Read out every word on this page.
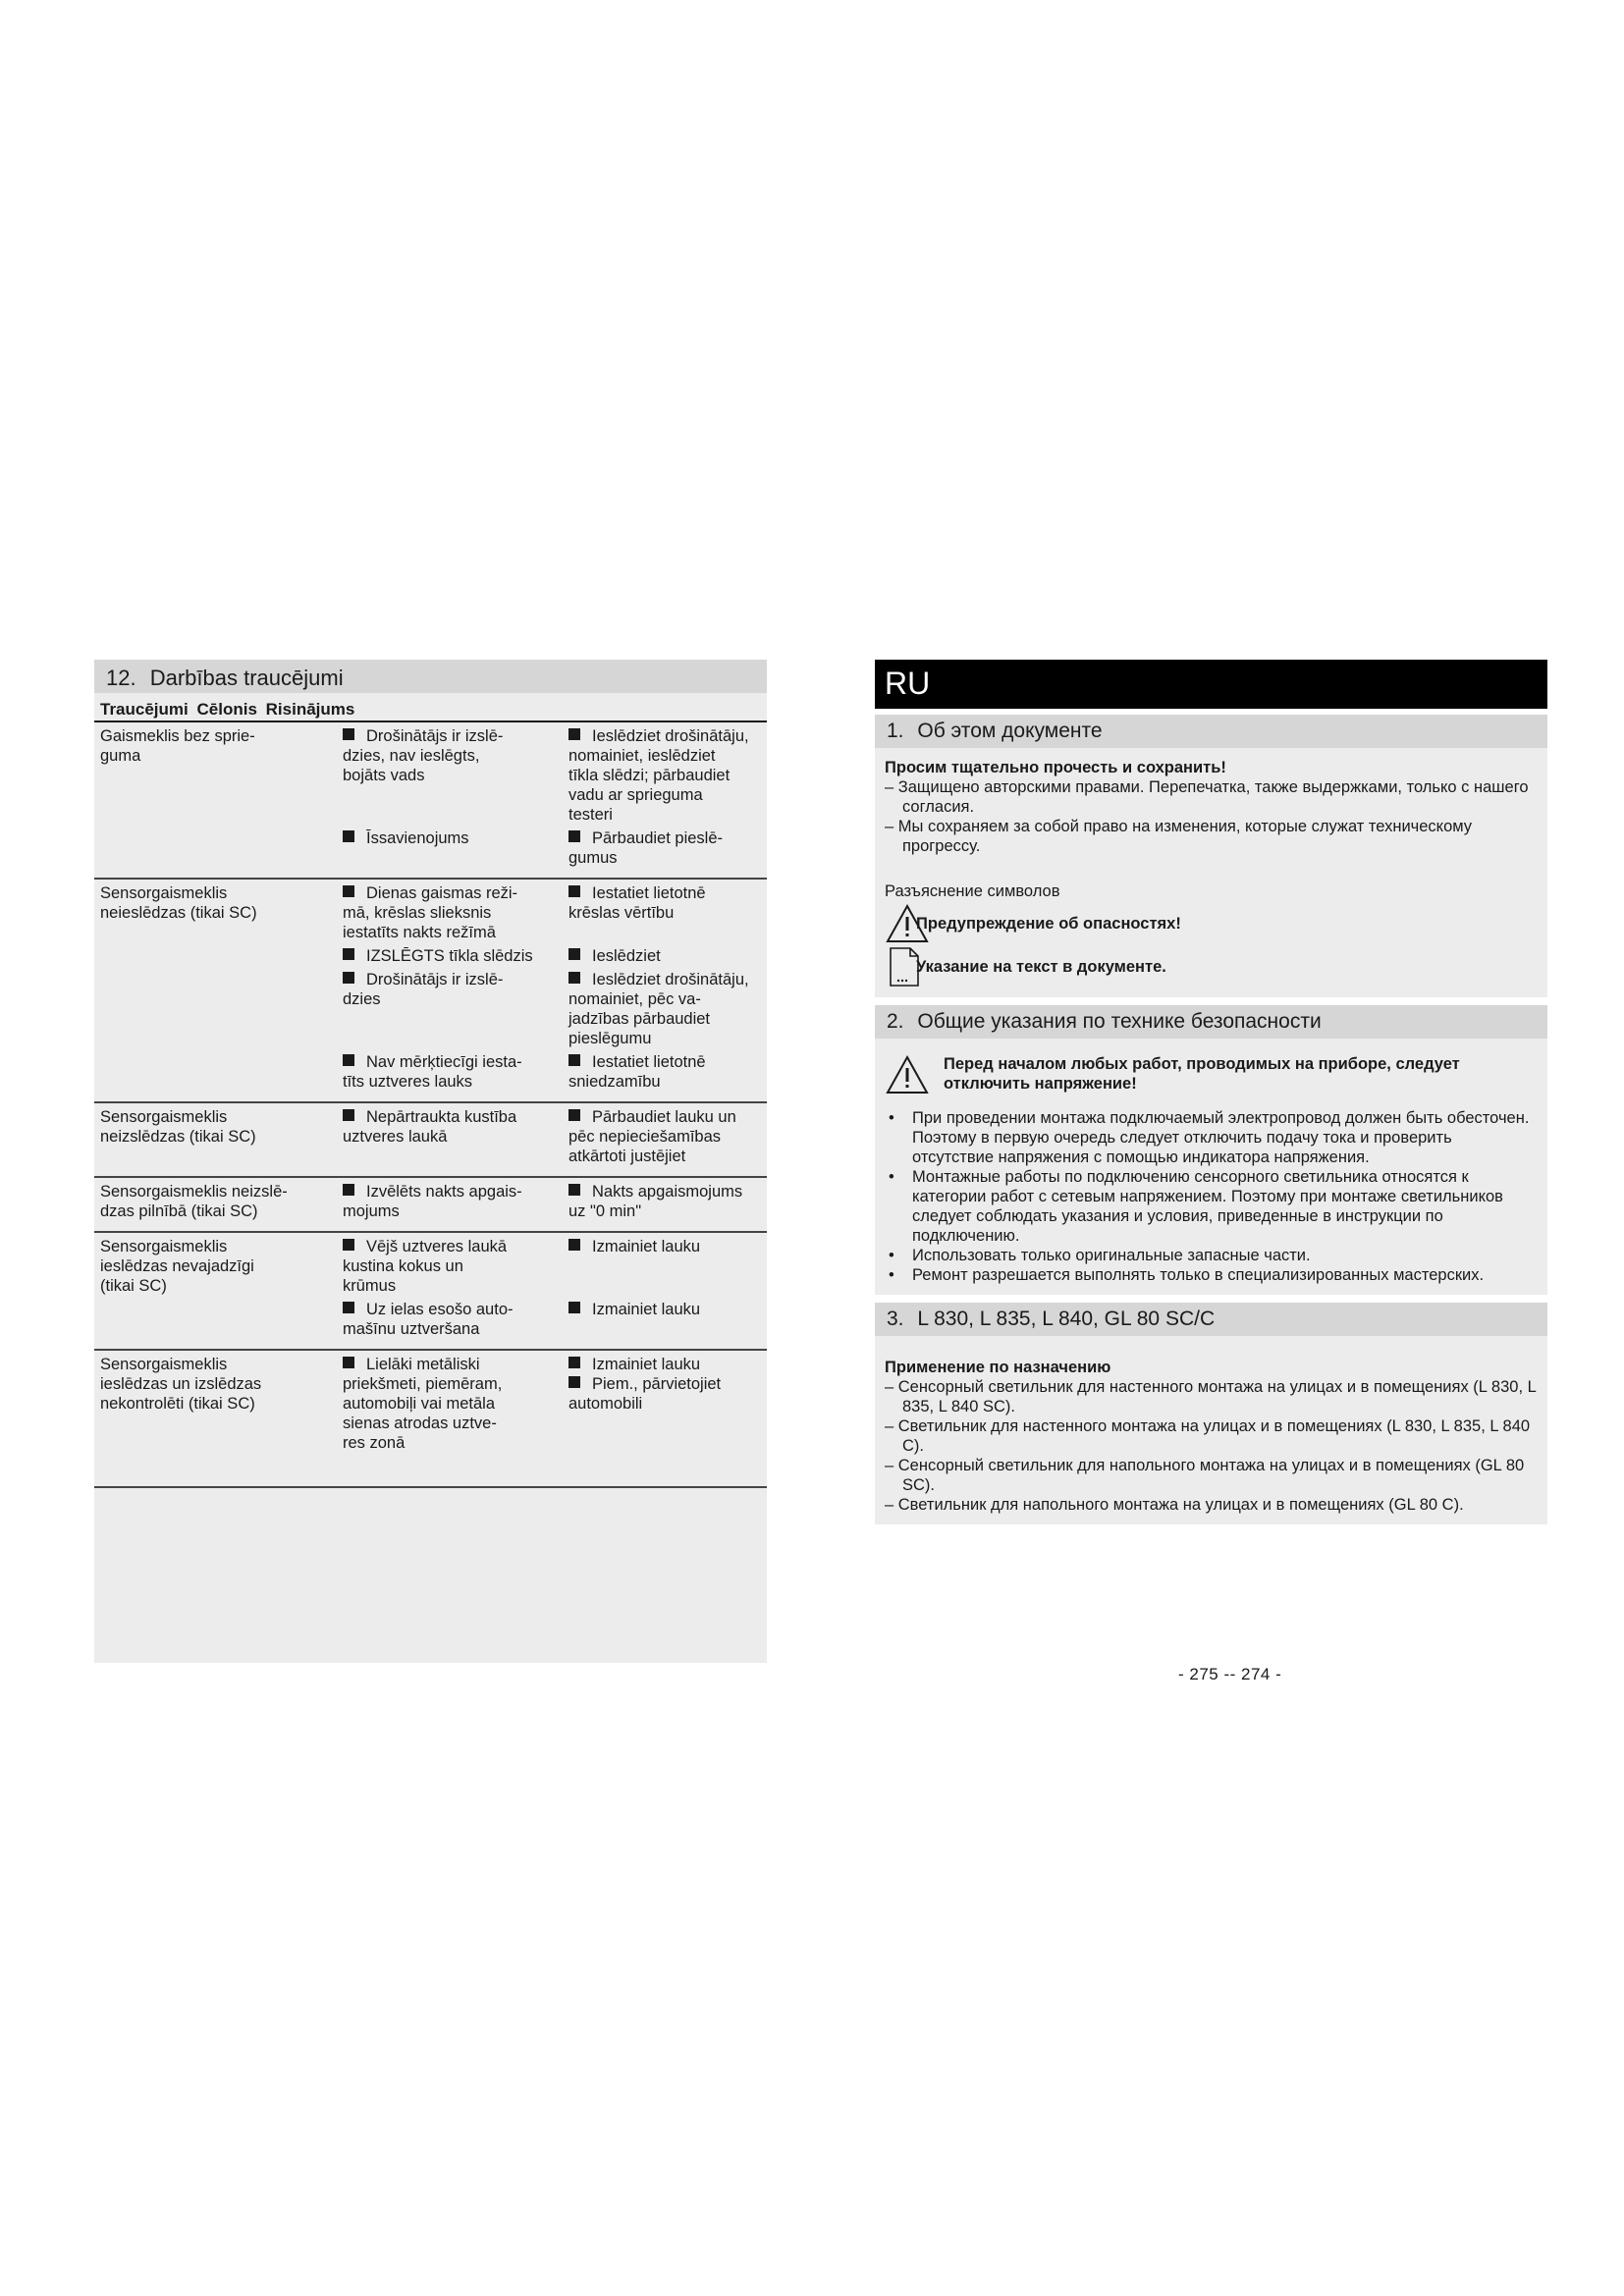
12. Darbības traucējumi
Traucējumi Cēlonis Risinājums
Gaismeklis bez sprie-
guma
Drošinātājs ir izslē-
dzies, nav ieslēgts,
bojāts vads
Ieslēdziet drošinātāju,
nomainiet, ieslēdziet
tīkla slēdzi; pārbaudiet
vadu ar sprieguma
testeri
Īssavienojums	Pārbaudiet pieslē-
gumus
Sensorgaismeklis
neieslēdzas (tikai SC)
Dienas gaismas reži-
mā, krēslas slieksnis
iestatīts nakts režīmā
Iestatiet lietotnē
krēslas vērtību
IZSLĒGTS tīkla slēdzis	Ieslēdziet
Drošinātājs ir izslē-
dzies
Ieslēdziet drošinātāju,
nomainiet, pēc va-
jadzības pārbaudiet
pieslēgumu
Nav mērķtiecīgi iesta-
tīts uztveres lauks
Iestatiet lietotnē
sniedzamību
Sensorgaismeklis
neizslēdzas (tikai SC)
Nepārtraukta kustība
uztveres laukā
Pārbaudiet lauku un
pēc nepieciešamības
atkārtoti justējiet
Sensorgaismeklis neizslē-
dzas pilnībā (tikai SC)
Izvēlēts nakts apgais-
mojums
Nakts apgaismojums
uz "0 min"
Sensorgaismeklis
ieslēdzas nevajadzīgi
(tikai SC)
Vējš uztveres laukā
kustina kokus un
krūmus
Izmainiet lauku
Uz ielas esošo auto-
mašīnu uztveršana
Izmainiet lauku
Sensorgaismeklis
ieslēdzas un izslēdzas
nekontrolēti (tikai SC)
Lielāki metāliski
priekšmeti, piemēram,
automobiļi vai metāla
sienas atrodas uztve-
res zonā
Izmainiet lauku
Piem., pārvietojiet
automobili
RU
1. Об этом документе
Просим тщательно прочесть и сохранить!
– Защищено авторскими правами. Перепечатка, также выдержками, только с нашего согласия.
– Мы сохраняем за собой право на изменения, которые служат техническому прогрессу.
Разъяснение символов
Предупреждение об опасностях!
Указание на текст в документе.
2. Общие указания по технике безопасности
Перед началом любых работ, проводимых на приборе, следует отключить напряжение!
• При проведении монтажа подключаемый электропровод должен быть обесточен. Поэтому в первую очередь следует отключить подачу тока и проверить отсутствие напряжения с помощью индикатора напряжения.
• Монтажные работы по подключению сенсорного светильника относятся к категории работ с сетевым напряжением. Поэтому при монтаже светильников следует соблюдать указания и условия, приведенные в инструкции по подключению.
• Использовать только оригинальные запасные части.
• Ремонт разрешается выполнять только в специализированных мастерских.
3. L 830, L 835, L 840, GL 80 SC/C
Применение по назначению
– Сенсорный светильник для настенного монтажа на улицах и в помещениях (L 830, L 835, L 840 SC).
– Светильник для настенного монтажа на улицах и в помещениях (L 830, L 835, L 840 C).
– Сенсорный светильник для напольного монтажа на улицах и в помещениях (GL 80 SC).
– Светильник для напольного монтажа на улицах и в помещениях (GL 80 C).
- 275 -- 274 -
